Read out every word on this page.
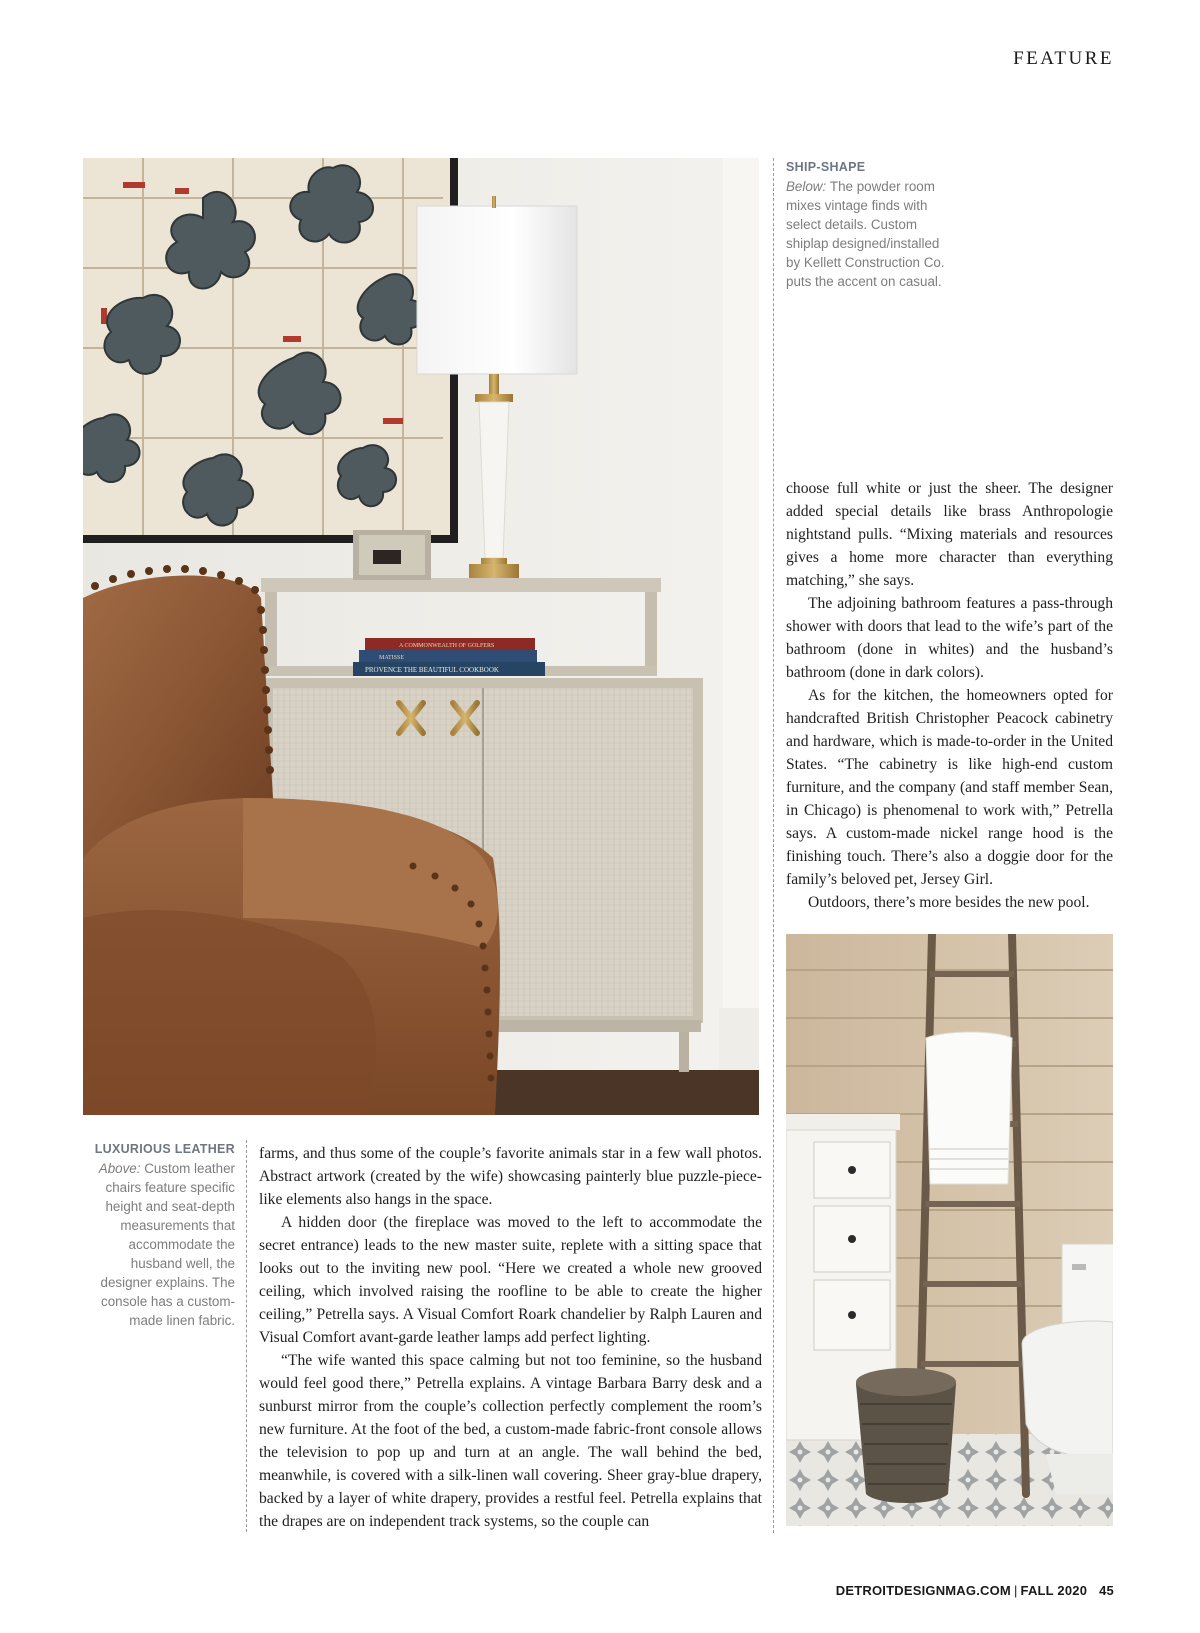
FEATURE
A COMMONWEALTH OF GOLFERS
MATISSE
PROVENCE THE BEAUTIFUL COOKBOOK
SHIP-SHAPE
Below: The powder room mixes vintage finds with select details. Custom shiplap designed/installed by Kellett Construction Co. puts the accent on casual.

choose full white or just the sheer. The designer added special details like brass Anthropologie nightstand pulls. “Mixing materials and resources gives a home more character than everything matching,” she says.

The adjoining bathroom features a pass-through shower with doors that lead to the wife’s part of the bathroom (done in whites) and the husband’s bathroom (done in dark colors).

As for the kitchen, the homeowners opted for handcrafted British Christopher Peacock cabinetry and hardware, which is made-to-order in the United States. “The cabinetry is like high-end custom furniture, and the company (and staff member Sean, in Chicago) is phenomenal to work with,” Petrella says. A custom-made nickel range hood is the finishing touch. There’s also a doggie door for the family’s beloved pet, Jersey Girl.

Outdoors, there’s more besides the new pool.

LUXURIOUS LEATHER
Above: Custom leather chairs feature specific height and seat-depth measurements that accommodate the husband well, the designer explains. The console has a custom-made linen fabric.

farms, and thus some of the couple’s favorite animals star in a few wall photos. Abstract artwork (created by the wife) showcasing painterly blue puzzle-piece-like elements also hangs in the space.

A hidden door (the fireplace was moved to the left to accommodate the secret entrance) leads to the new master suite, replete with a sitting space that looks out to the inviting new pool. “Here we created a whole new grooved ceiling, which involved raising the roofline to be able to create the higher ceiling,” Petrella says. A Visual Comfort Roark chandelier by Ralph Lauren and Visual Comfort avant-garde leather lamps add perfect lighting.

“The wife wanted this space calming but not too feminine, so the husband would feel good there,” Petrella explains. A vintage Barbara Barry desk and a sunburst mirror from the couple’s collection perfectly complement the room’s new furniture. At the foot of the bed, a custom-made fabric-front console allows the television to pop up and turn at an angle. The wall behind the bed, meanwhile, is covered with a silk-linen wall covering. Sheer gray-blue drapery, backed by a layer of white drapery, provides a restful feel. Petrella explains that the drapes are on independent track systems, so the couple can

DETROITDESIGNMAG.COM | FALL 2020 45
